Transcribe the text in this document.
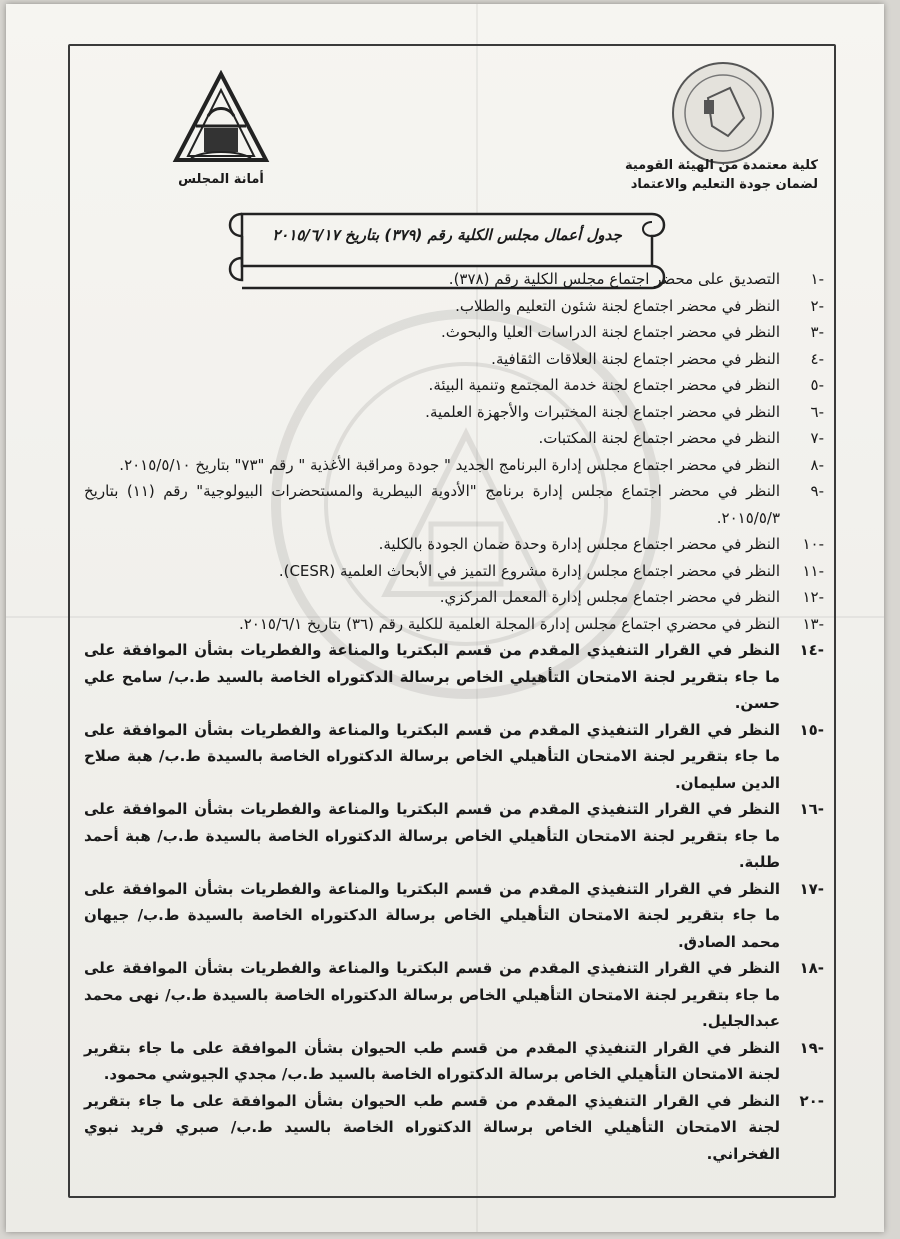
أمانة المجلس
كلية معتمدة من الهيئة القومية
لضمان جودة التعليم والاعتماد
جدول أعمال مجلس الكلية رقم (٣٧٩) بتاريخ ٢٠١٥/٦/١٧
-١
التصديق على محضر اجتماع مجلس الكلية رقم (٣٧٨).
-٢
النظر في محضر اجتماع لجنة شئون التعليم والطلاب.
-٣
النظر في محضر اجتماع لجنة الدراسات العليا والبحوث.
-٤
النظر في محضر اجتماع لجنة العلاقات الثقافية.
-٥
النظر في محضر اجتماع لجنة خدمة المجتمع وتنمية البيئة.
-٦
النظر في محضر اجتماع لجنة المختبرات والأجهزة العلمية.
-٧
النظر في محضر اجتماع لجنة المكتبات.
-٨
النظر في محضر اجتماع مجلس إدارة البرنامج الجديد " جودة ومراقبة الأغذية " رقم "٧٣" بتاريخ ٢٠١٥/٥/١٠.
-٩
النظر في محضر اجتماع مجلس إدارة برنامج "الأدوية البيطرية والمستحضرات البيولوجية" رقم (١١) بتاريخ ٢٠١٥/٥/٣.
-١٠
النظر في محضر اجتماع مجلس إدارة وحدة ضمان الجودة بالكلية.
-١١
النظر في محضر اجتماع مجلس إدارة مشروع التميز في الأبحاث العلمية (CESR).
-١٢
النظر في محضر اجتماع مجلس إدارة المعمل المركزي.
-١٣
النظر في محضري اجتماع مجلس إدارة المجلة العلمية للكلية رقم (٣٦) بتاريخ ٢٠١٥/٦/١.
-١٤
النظر في القرار التنفيذي المقدم من قسم البكتريا والمناعة والفطريات بشأن الموافقة على ما جاء بتقرير لجنة الامتحان التأهيلي الخاص برسالة الدكتوراه الخاصة بالسيد ط.ب/ سامح علي حسن.
-١٥
النظر في القرار التنفيذي المقدم من قسم البكتريا والمناعة والفطريات بشأن الموافقة على ما جاء بتقرير لجنة الامتحان التأهيلي الخاص برسالة الدكتوراه الخاصة بالسيدة ط.ب/ هبة صلاح الدين سليمان.
-١٦
النظر في القرار التنفيذي المقدم من قسم البكتريا والمناعة والفطريات بشأن الموافقة على ما جاء بتقرير لجنة الامتحان التأهيلي الخاص برسالة الدكتوراه الخاصة بالسيدة ط.ب/ هبة أحمد طلبة.
-١٧
النظر في القرار التنفيذي المقدم من قسم البكتريا والمناعة والفطريات بشأن الموافقة على ما جاء بتقرير لجنة الامتحان التأهيلي الخاص برسالة الدكتوراه الخاصة بالسيدة ط.ب/ جيهان محمد الصادق.
-١٨
النظر في القرار التنفيذي المقدم من قسم البكتريا والمناعة والفطريات بشأن الموافقة على ما جاء بتقرير لجنة الامتحان التأهيلي الخاص برسالة الدكتوراه الخاصة بالسيدة ط.ب/ نهى محمد عبدالجليل.
-١٩
النظر في القرار التنفيذي المقدم من قسم طب الحيوان بشأن الموافقة على ما جاء بتقرير لجنة الامتحان التأهيلي الخاص برسالة الدكتوراه الخاصة بالسيد ط.ب/ مجدي الجيوشي محمود.
-٢٠
النظر في القرار التنفيذي المقدم من قسم طب الحيوان بشأن الموافقة على ما جاء بتقرير لجنة الامتحان التأهيلي الخاص برسالة الدكتوراه الخاصة بالسيد ط.ب/ صبري فريد نبوي الفخراني.
